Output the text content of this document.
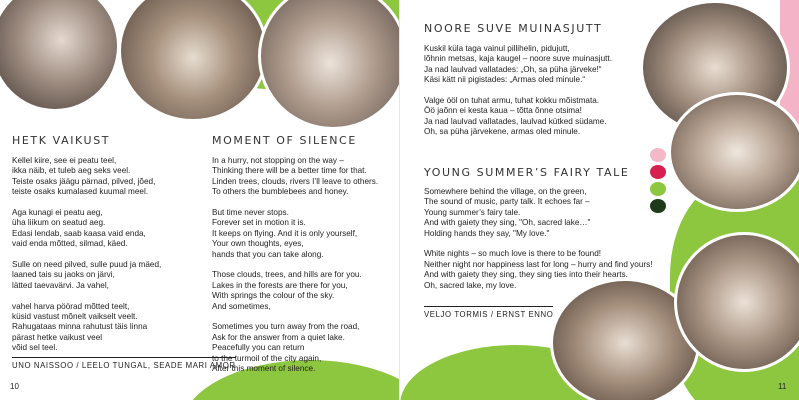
HETK VAIKUST
Kellel kiire, see ei peatu teel,
ikka näib, et tuleb aeg seks veel.
Teiste osaks jäägu pärnad, pilved, jõed,
teiste osaks kumalased kuumal meel.
Aga kunagi ei peatu aeg,
üha liikum on seatud aeg.
Edasi lendab, saab kaasa vaid enda,
vaid enda mõtted, silmad, käed.
Sulle on need pilved, sulle puud ja mäed,
laaned tais su jaoks on järvi,
lätted taevavärvi. Ja vahel,
vahel harva pöörad mõtted teelt,
küsid vastust mõnelt vaikselt veelt.
Rahugataas minna rahutust täis linna
pärast hetke vaikust veel
võid sel teel.
UNO NAISSOO / LEELO TUNGAL, SEADE MARI AMOR
MOMENT OF SILENCE
In a hurry, not stopping on the way –
Thinking there will be a better time for that.
Linden trees, clouds, rivers I’ll leave to others.
To others the bumblebees and honey.
But time never stops.
Forever set in motion it is.
It keeps on flying. And it is only yourself,
Your own thoughts, eyes,
hands that you can take along.
Those clouds, trees, and hills are for you.
Lakes in the forests are there for you,
With springs the colour of the sky.
And sometimes,
Sometimes you turn away from the road,
Ask for the answer from a quiet lake.
Peacefully you can return
to the turmoil of the city again,
After this moment of silence.
10
NOORE SUVE MUINASJUTT
Kuskil küla taga vainul pillihelin, pidujutt,
lõhnin metsas, kaja kaugel – noore suve muinasjutt.
Ja nad laulvad vallatades: „Oh, sa püha järveke!“
Käsi kätt nii pigistades: „Armas oled minule.“
Valge ööl on tuhat armu, tuhat kokku mõistmata.
Öö jaõnn ei kesta kaua – tõtta õnne otsima!
Ja nad laulvad vallatades, laulvad kütked südame.
Oh, sa püha järvekene, armas oled minule.
YOUNG SUMMER’S FAIRY TALE
Somewhere behind the village, on the green,
The sound of music, party talk. It echoes far –
Young summer’s fairy tale.
And with gaiety they sing, "Oh, sacred lake…"
Holding hands they say, "My love."
White nights – so much love is there to be found!
Neither night nor happiness last for long – hurry and find yours!
And with gaiety they sing, they sing ties into their hearts.
Oh, sacred lake, my love.
VELJO TORMIS / ERNST ENNO
11
